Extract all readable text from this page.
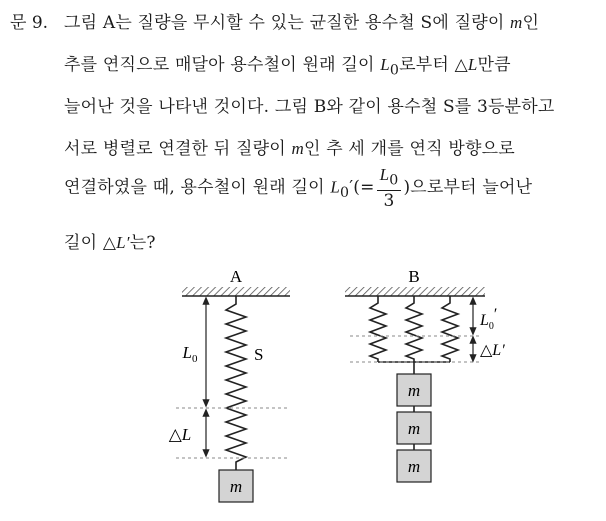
문 9. 그림 A는 질량을 무시할 수 있는 균질한 용수철 S에 질량이 m인
추를 연직으로 매달아 용수철이 원래 길이 $L_0$로부터 △L만큼
늘어난 것을 나타낸 것이다. 그림 B와 같이 용수철 S를 3등분하고
서로 병렬로 연결한 뒤 질량이 m인 추 세 개를 연직 방향으로
연결하였을 때, 용수철이 원래 길이 $L_0'(= \frac{L_0}{3}$ )으로부터 늘어난
길이 △L′는?
A
m
$L_0$
△L
S
B
$L_0'$
△L′
m
m
m
